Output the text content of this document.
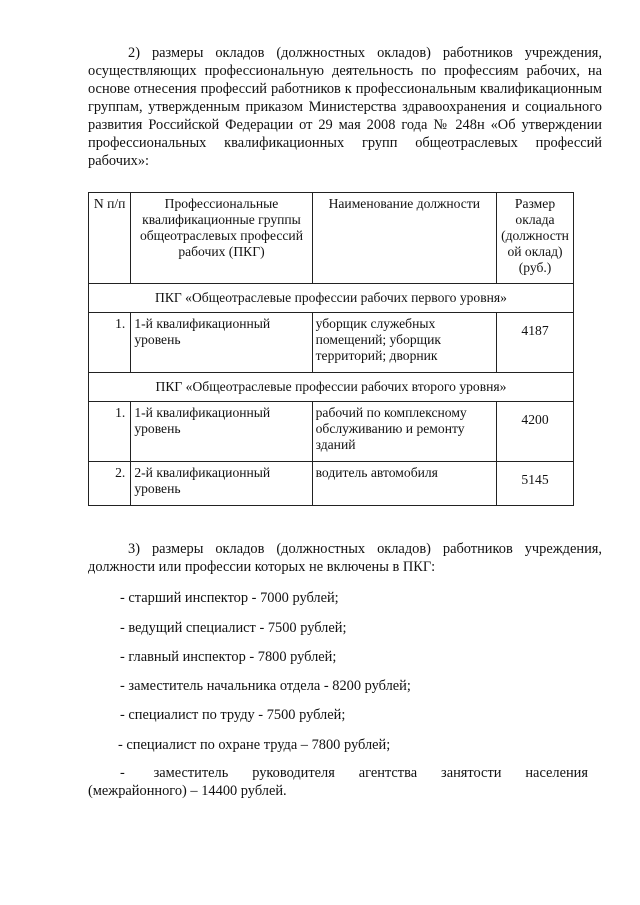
2) размеры окладов (должностных окладов) работников учреждения, осуществляющих профессиональную деятельность по профессиям рабочих, на основе отнесения профессий работников к профессиональным квалификационным группам, утвержденным приказом Министерства здравоохранения и социального развития Российской Федерации от 29 мая 2008 года № 248н «Об утверждении профессиональных квалификационных групп общеотраслевых профессий рабочих»:

N п/п	Профессиональные квалификационные группы общеотраслевых профессий рабочих (ПКГ)	Наименование должности	Размер оклада (должностн ой оклад) (руб.)
ПКГ «Общеотраслевые профессии рабочих первого уровня»			
1.	1-й квалификационный уровень	уборщик служебных помещений; уборщик территорий; дворник	4187
ПКГ «Общеотраслевые профессии рабочих второго уровня»			
1.	1-й квалификационный уровень	рабочий по комплексному обслуживанию и ремонту зданий	4200
2.	2-й квалификационный уровень	водитель автомобиля	5145

3) размеры окладов (должностных окладов) работников учреждения, должности или профессии которых не включены в ПКГ:

- старший инспектор - 7000 рублей;
- ведущий специалист - 7500 рублей;
- главный инспектор - 7800 рублей;
- заместитель начальника отдела - 8200 рублей;
- специалист по труду - 7500 рублей;
- специалист по охране труда – 7800 рублей;
-  заместитель руководителя агентства занятости населения (межрайонного) – 14400 рублей.
